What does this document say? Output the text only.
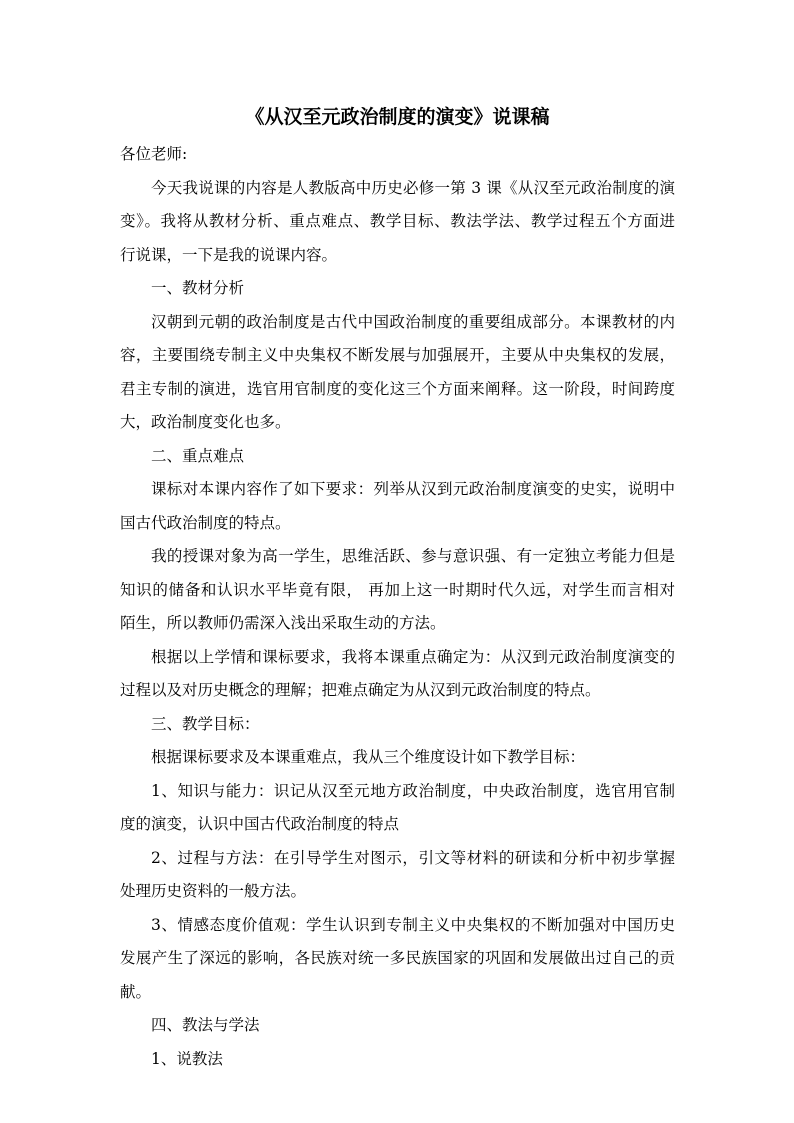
《从汉至元政治制度的演变》说课稿
各位老师:
今天我说课的内容是人教版高中历史必修一第 3 课《从汉至元政治制度的演
变》。我将从教材分析、重点难点、教学目标、教法学法、教学过程五个方面进
行说课，一下是我的说课内容。
一、教材分析
汉朝到元朝的政治制度是古代中国政治制度的重要组成部分。本课教材的内
容，主要围绕专制主义中央集权不断发展与加强展开，主要从中央集权的发展，
君主专制的演进，选官用官制度的变化这三个方面来阐释。这一阶段，时间跨度
大，政治制度变化也多。
二、重点难点
课标对本课内容作了如下要求：列举从汉到元政治制度演变的史实，说明中
国古代政治制度的特点。
我的授课对象为高一学生，思维活跃、参与意识强、有一定独立考能力但是
知识的储备和认识水平毕竟有限， 再加上这一时期时代久远，对学生而言相对
陌生，所以教师仍需深入浅出采取生动的方法。
根据以上学情和课标要求，我将本课重点确定为：从汉到元政治制度演变的
过程以及对历史概念的理解；把难点确定为从汉到元政治制度的特点。
三、教学目标：
根据课标要求及本课重难点，我从三个维度设计如下教学目标：
1、知识与能力：识记从汉至元地方政治制度，中央政治制度，选官用官制
度的演变，认识中国古代政治制度的特点
2、过程与方法：在引导学生对图示，引文等材料的研读和分析中初步掌握
处理历史资料的一般方法。
3、情感态度价值观：学生认识到专制主义中央集权的不断加强对中国历史
发展产生了深远的影响，各民族对统一多民族国家的巩固和发展做出过自己的贡
献。
四、教法与学法
1、说教法
